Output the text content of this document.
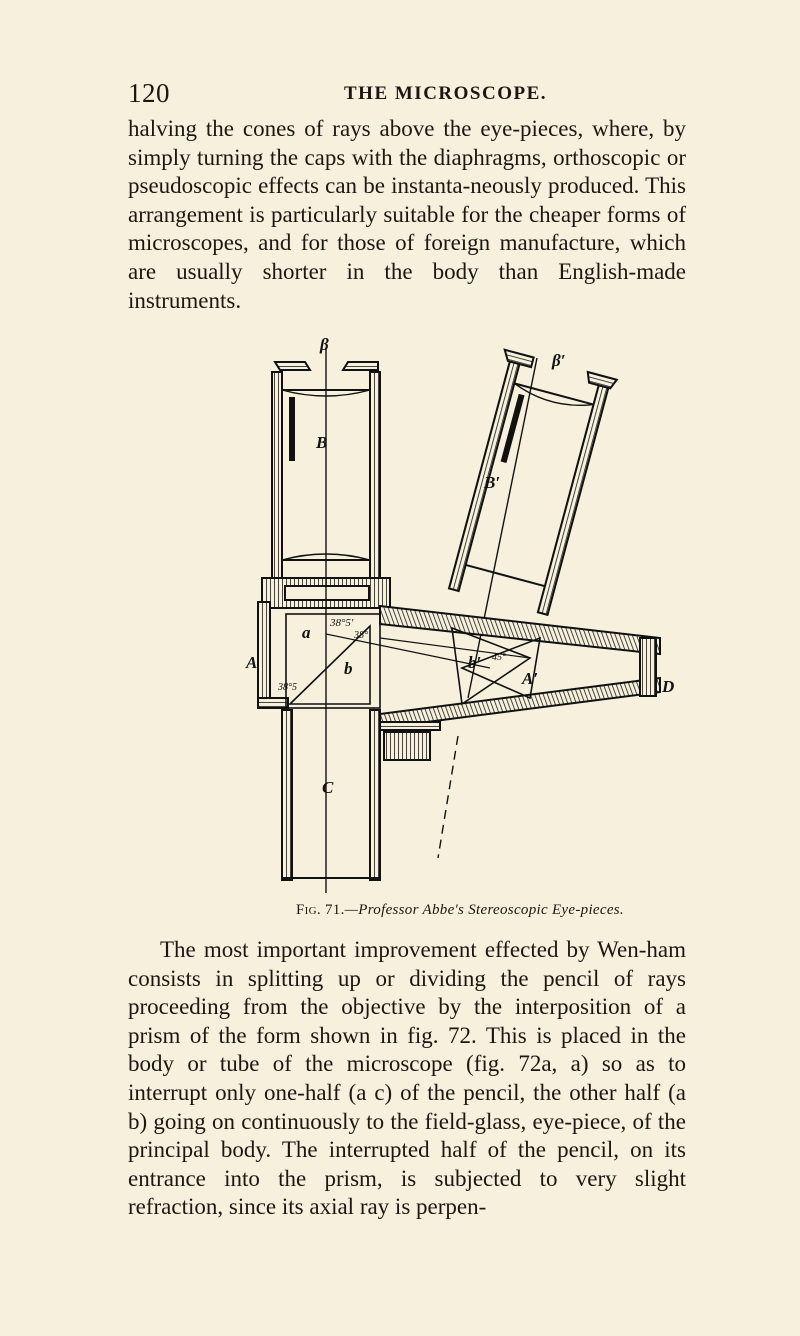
120	THE MICROSCOPE.

halving the cones of rays above the eye-pieces, where, by simply turning the caps with the diaphragms, orthoscopic or pseudoscopic effects can be instanta-neously produced. This arrangement is particularly suitable for the cheaper forms of microscopes, and for those of foreign manufacture, which are usually shorter in the body than English-made instruments.

β
β′
B
B′
a
b	b′
A
A′
C
D
38°5′
38°
38°5
45°
Fig. 71.—Professor Abbe's Stereoscopic Eye-pieces.

The most important improvement effected by Wen-ham consists in splitting up or dividing the pencil of rays proceeding from the objective by the interposition of a prism of the form shown in fig. 72. This is placed in the body or tube of the microscope (fig. 72a, a) so as to interrupt only one-half (a c) of the pencil, the other half (a b) going on continuously to the field-glass, eye-piece, of the principal body. The interrupted half of the pencil, on its entrance into the prism, is subjected to very slight refraction, since its axial ray is perpen-
